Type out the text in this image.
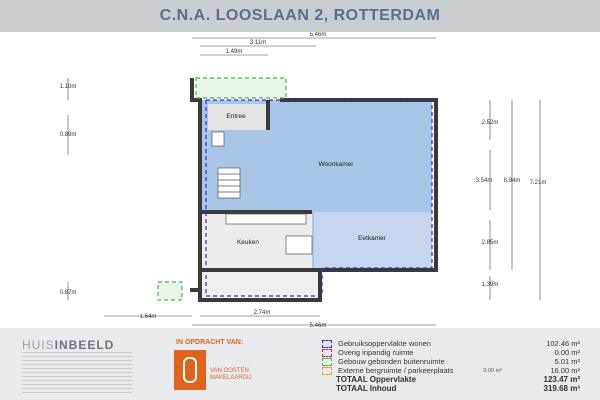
C.N.A. LOOSLAAN 2, ROTTERDAM
Entree
Woonkamer
Keuken
Eetkamer
5.46m
3.11m
1.49m
1.10m
0.89m
0.87m
1.64m
2.74m
5.46m
2.52m
3.54m 8.94m 7.21m
2.85m
1.39m
HUISINBEELD	IN OPDRACHT VAN:
VAN OOSTEN
MAKELAARDIJ
Gebruiksoppervlakte wonen	102.46 m²
Overig inpandig ruimte	0.00 m²
Gebouw gebonden buitenruimte	5.01 m²
Externe bergruimte / parkeerplaats	0.00 m²	16.00 m²
TOTAAL Oppervlakte	123.47 m²
TOTAAL Inhoud	319.68 m³
